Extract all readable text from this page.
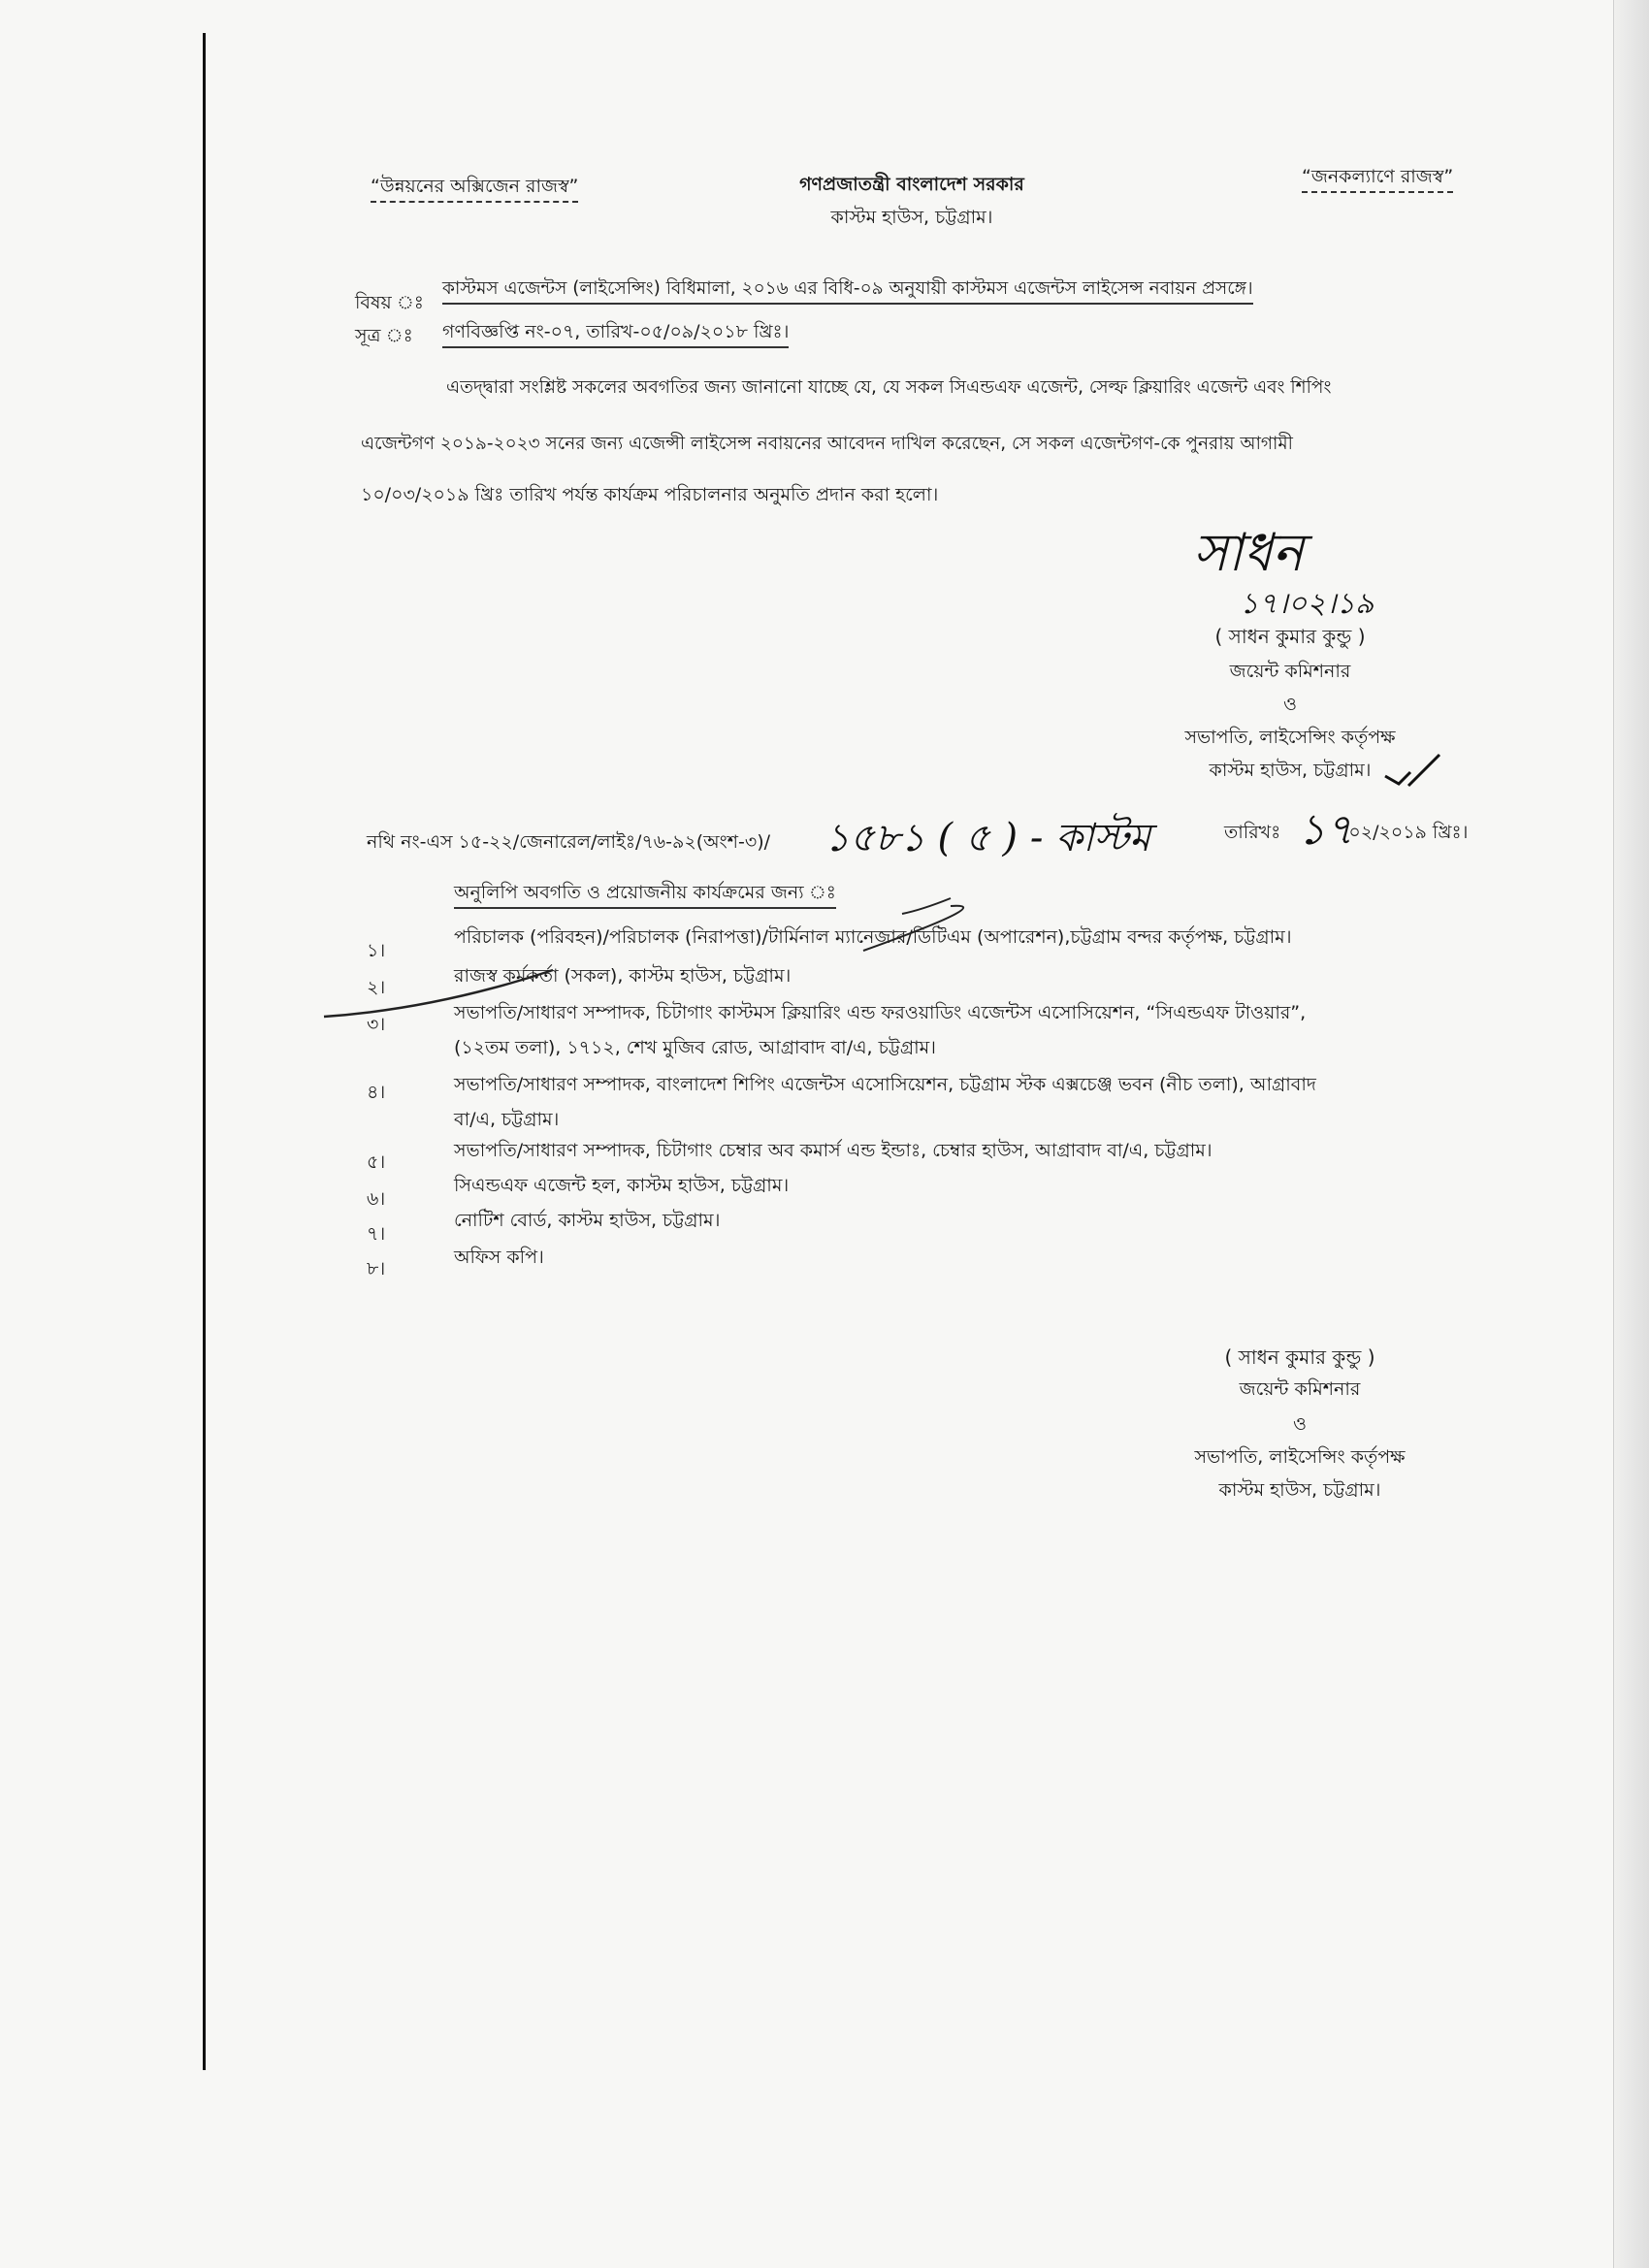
“উন্নয়নের অক্সিজেন রাজস্ব”	গণপ্রজাতন্ত্রী বাংলাদেশ সরকার
কাস্টম হাউস, চট্টগ্রাম।
“জনকল্যাণে রাজস্ব”
বিষয় ঃ
কাস্টমস এজেন্টস (লাইসেন্সিং) বিধিমালা, ২০১৬ এর বিধি-০৯ অনুযায়ী কাস্টমস এজেন্টস লাইসেন্স নবায়ন প্রসঙ্গে।
সূত্র ঃ গণবিজ্ঞপ্তি নং-০৭, তারিখ-০৫/০৯/২০১৮ খ্রিঃ।
এতদ্দ্বারা সংশ্লিষ্ট সকলের অবগতির জন্য জানানো যাচ্ছে যে, যে সকল সিএন্ডএফ এজেন্ট, সেল্ফ ক্লিয়ারিং এজেন্ট এবং শিপিং
এজেন্টগণ ২০১৯-২০২৩ সনের জন্য এজেন্সী লাইসেন্স নবায়নের আবেদন দাখিল করেছেন, সে সকল এজেন্টগণ-কে পুনরায় আগামী
১০/০৩/২০১৯ খ্রিঃ তারিখ পর্যন্ত কার্যক্রম পরিচালনার অনুমতি প্রদান করা হলো।
সাধন
১৭।০২।১৯
( সাধন কুমার কুন্ডু )
জয়েন্ট কমিশনার
ও
সভাপতি, লাইসেন্সিং কর্তৃপক্ষ
কাস্টম হাউস, চট্টগ্রাম।
নথি নং-এস ১৫-২২/জেনারেল/লাইঃ/৭৬-৯২(অংশ-৩)/ ১৫৮১ ( ৫ ) - কাস্টম	তারিখঃ ১৭
/০২/২০১৯ খ্রিঃ।
অনুলিপি অবগতি ও প্রয়োজনীয় কার্যক্রমের জন্য ঃ
১।
পরিচালক (পরিবহন)/পরিচালক (নিরাপত্তা)/টার্মিনাল ম্যানেজার/ডিটিএম (অপারেশন),চট্টগ্রাম বন্দর কর্তৃপক্ষ, চট্টগ্রাম।
২।
রাজস্ব কর্মকর্তা (সকল), কাস্টম হাউস, চট্টগ্রাম।
৩।
সভাপতি/সাধারণ সম্পাদক, চিটাগাং কাস্টমস ক্লিয়ারিং এন্ড ফরওয়াডিং এজেন্টস এসোসিয়েশন, “সিএন্ডএফ টাওয়ার”,
(১২তম তলা), ১৭১২, শেখ মুজিব রোড, আগ্রাবাদ বা/এ, চট্টগ্রাম।
৪।	সভাপতি/সাধারণ সম্পাদক, বাংলাদেশ শিপিং এজেন্টস এসোসিয়েশন, চট্টগ্রাম স্টক এক্সচেঞ্জ ভবন (নীচ তলা), আগ্রাবাদ
বা/এ, চট্টগ্রাম।
৫।
সভাপতি/সাধারণ সম্পাদক, চিটাগাং চেম্বার অব কমার্স এন্ড ইন্ডাঃ, চেম্বার হাউস, আগ্রাবাদ বা/এ, চট্টগ্রাম।
৬।
সিএন্ডএফ এজেন্ট হল, কাস্টম হাউস, চট্টগ্রাম।
৭।
নোটিশ বোর্ড, কাস্টম হাউস, চট্টগ্রাম।
৮।
অফিস কপি।
( সাধন কুমার কুন্ডু )
জয়েন্ট কমিশনার
ও
সভাপতি, লাইসেন্সিং কর্তৃপক্ষ
কাস্টম হাউস, চট্টগ্রাম।
